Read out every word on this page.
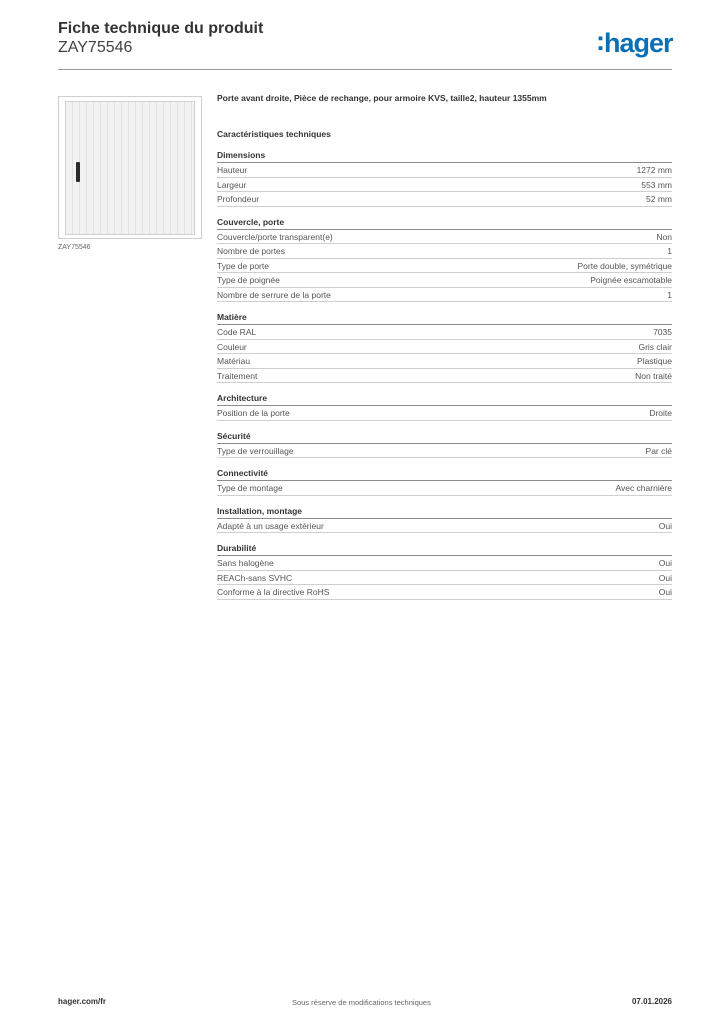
Fiche technique du produit
ZAY75546	:hager
ZAY75546
Porte avant droite, Pièce de rechange, pour armoire KVS, taille2, hauteur 1355mm
Caractéristiques techniques
Dimensions
Hauteur	1272 mm
Largeur	553 mm
Profondeur	52 mm
Couvercle, porte
Couvercle/porte transparent(e)	Non
Nombre de portes	1
Type de porte	Porte double, symétrique
Type de poignée	Poignée escamotable
Nombre de serrure de la porte	1
Matière
Code RAL	7035
Couleur	Gris clair
Matériau	Plastique
Traitement	Non traité
Architecture
Position de la porte	Droite
Sécurité
Type de verrouillage	Par clé
Connectivité
Type de montage	Avec charnière
Installation, montage
Adapté à un usage extérieur	Oui
Durabilité
Sans halogène	Oui
REACh-sans SVHC	Oui
Conforme à la directive RoHS	Oui
hager.com/fr	Sous réserve de modifications techniques	07.01.2026
